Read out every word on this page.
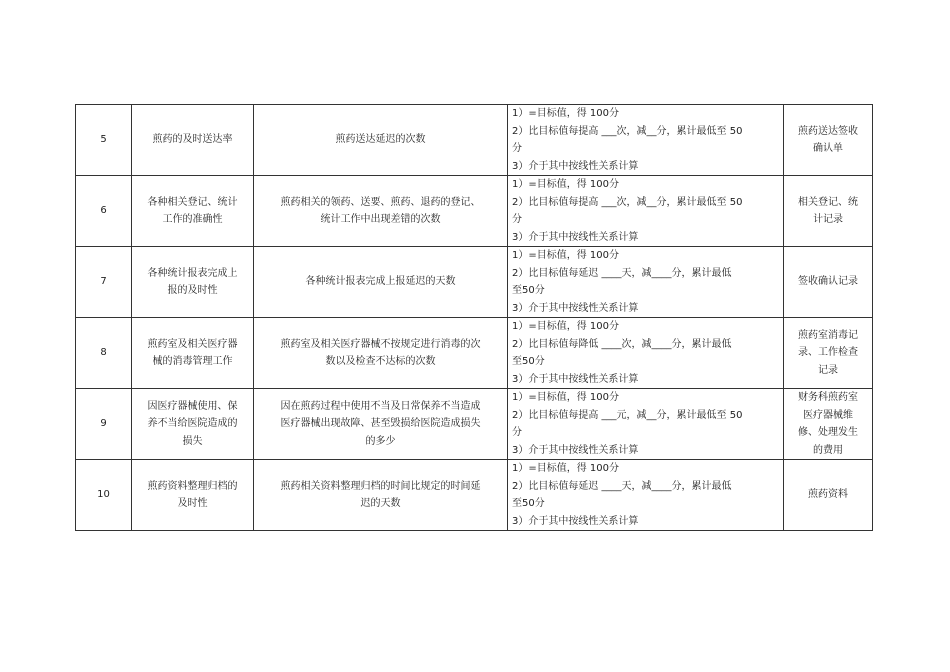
5	煎药的及时送达率	煎药送达延迟的次数	1）=目标值，得 100分
2）比目标值每提高 ___次，减__分，累计最低至 50
分
3）介于其中按线性关系计算	煎药送达签收
确认单

6	各种相关登记、统计
工作的准确性	煎药相关的领药、送要、煎药、退药的登记、
统计工作中出现差错的次数	1）=目标值，得 100分
2）比目标值每提高 ___次，减__分，累计最低至 50
分
3）介于其中按线性关系计算	相关登记、统
计记录

7	各种统计报表完成上
报的及时性	各种统计报表完成上报延迟的天数	1）=目标值，得 100分
2）比目标值每延迟 ____天，减____分，累计最低
至50分
3）介于其中按线性关系计算	签收确认记录

8	煎药室及相关医疗器
械的消毒管理工作	煎药室及相关医疗器械不按规定进行消毒的次
数以及检查不达标的次数	1）=目标值，得 100分
2）比目标值每降低 ____次，减____分，累计最低
至50分
3）介于其中按线性关系计算	煎药室消毒记
录、工作检查
记录

9	因医疗器械使用、保
养不当给医院造成的
损失	因在煎药过程中使用不当及日常保养不当造成
医疗器械出现故障、甚至毁损给医院造成损失
的多少	1）=目标值，得 100分
2）比目标值每提高 ___元，减__分，累计最低至 50
分
3）介于其中按线性关系计算	财务科煎药室
医疗器械维
修、处理发生
的费用

10	煎药资料整理归档的
及时性	煎药相关资料整理归档的时间比规定的时间延
迟的天数	1）=目标值，得 100分
2）比目标值每延迟 ____天，减____分，累计最低
至50分
3）介于其中按线性关系计算	煎药资料
